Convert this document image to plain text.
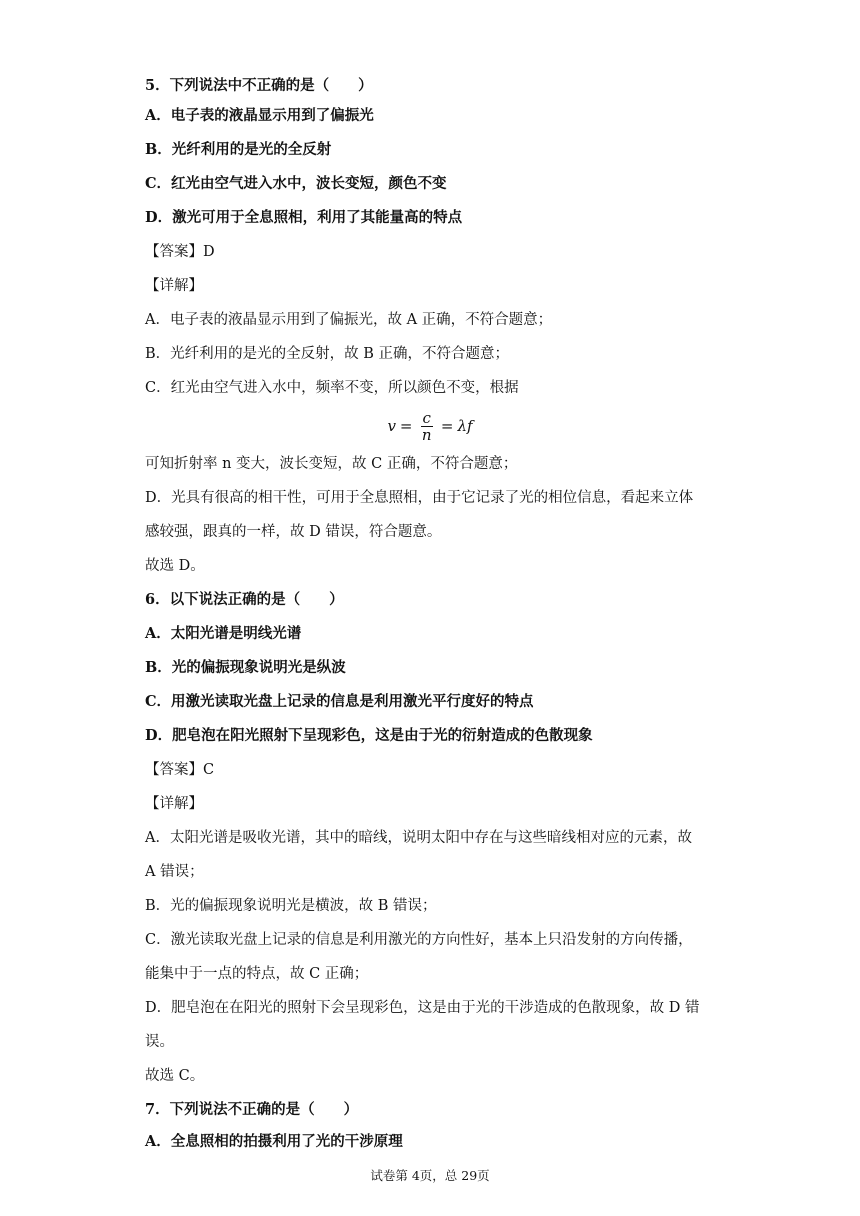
5．下列说法中不正确的是（　　）
A．电子表的液晶显示用到了偏振光
B．光纤利用的是光的全反射
C．红光由空气进入水中，波长变短，颜色不变
D．激光可用于全息照相，利用了其能量高的特点
【答案】D
【详解】
A．电子表的液晶显示用到了偏振光，故 A 正确，不符合题意；
B．光纤利用的是光的全反射，故 B 正确，不符合题意；
C．红光由空气进入水中，频率不变，所以颜色不变，根据
$v = \frac{c}{n} = \lambda f$
可知折射率 n 变大，波长变短，故 C 正确，不符合题意；
D．光具有很高的相干性，可用于全息照相，由于它记录了光的相位信息，看起来立体
感较强，跟真的一样，故 D 错误，符合题意。
故选 D。
6．以下说法正确的是（　　）
A．太阳光谱是明线光谱
B．光的偏振现象说明光是纵波
C．用激光读取光盘上记录的信息是利用激光平行度好的特点
D．肥皂泡在阳光照射下呈现彩色，这是由于光的衍射造成的色散现象
【答案】C
【详解】
A．太阳光谱是吸收光谱，其中的暗线，说明太阳中存在与这些暗线相对应的元素，故
A 错误；
B．光的偏振现象说明光是横波，故 B 错误；
C．激光读取光盘上记录的信息是利用激光的方向性好，基本上只沿发射的方向传播，
能集中于一点的特点，故 C 正确；
D．肥皂泡在在阳光的照射下会呈现彩色，这是由于光的干涉造成的色散现象，故 D 错
误。
故选 C。
7．下列说法不正确的是（　　）
A．全息照相的拍摄利用了光的干涉原理
试卷第 4页，总 29页
